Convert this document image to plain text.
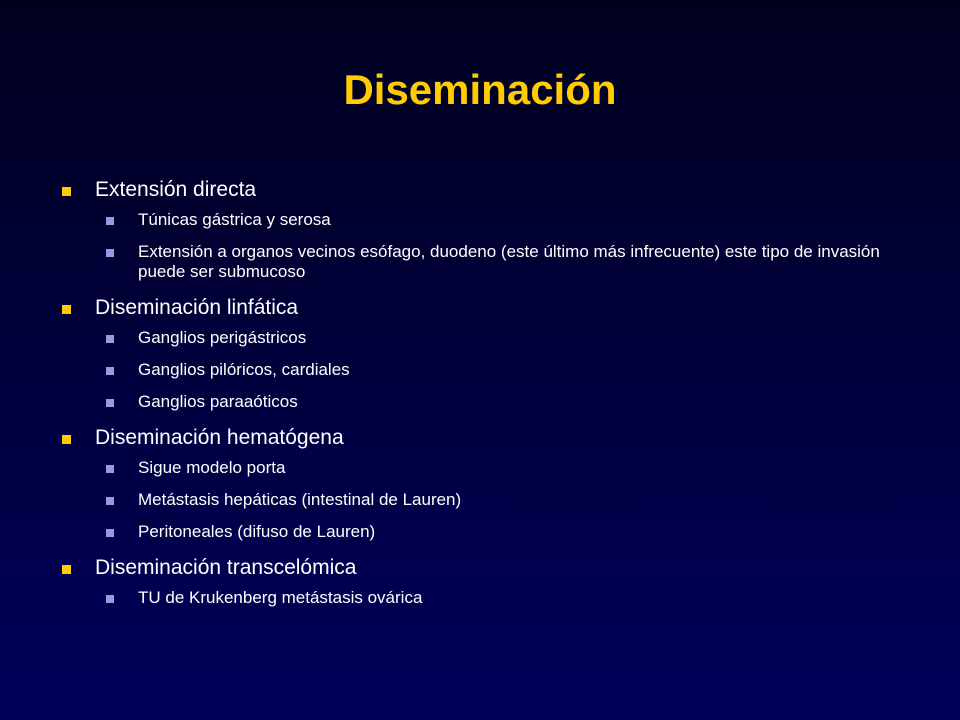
Diseminación
Extensión directa
Túnicas gástrica y serosa
Extensión a organos vecinos esófago, duodeno (este último más infrecuente) este tipo de invasión puede ser submucoso
Diseminación linfática
Ganglios perigástricos
Ganglios pilóricos, cardiales
Ganglios paraaóticos
Diseminación hematógena
Sigue modelo porta
Metástasis hepáticas (intestinal de Lauren)
Peritoneales (difuso de Lauren)
Diseminación transcelómica
TU de Krukenberg metástasis ovárica
